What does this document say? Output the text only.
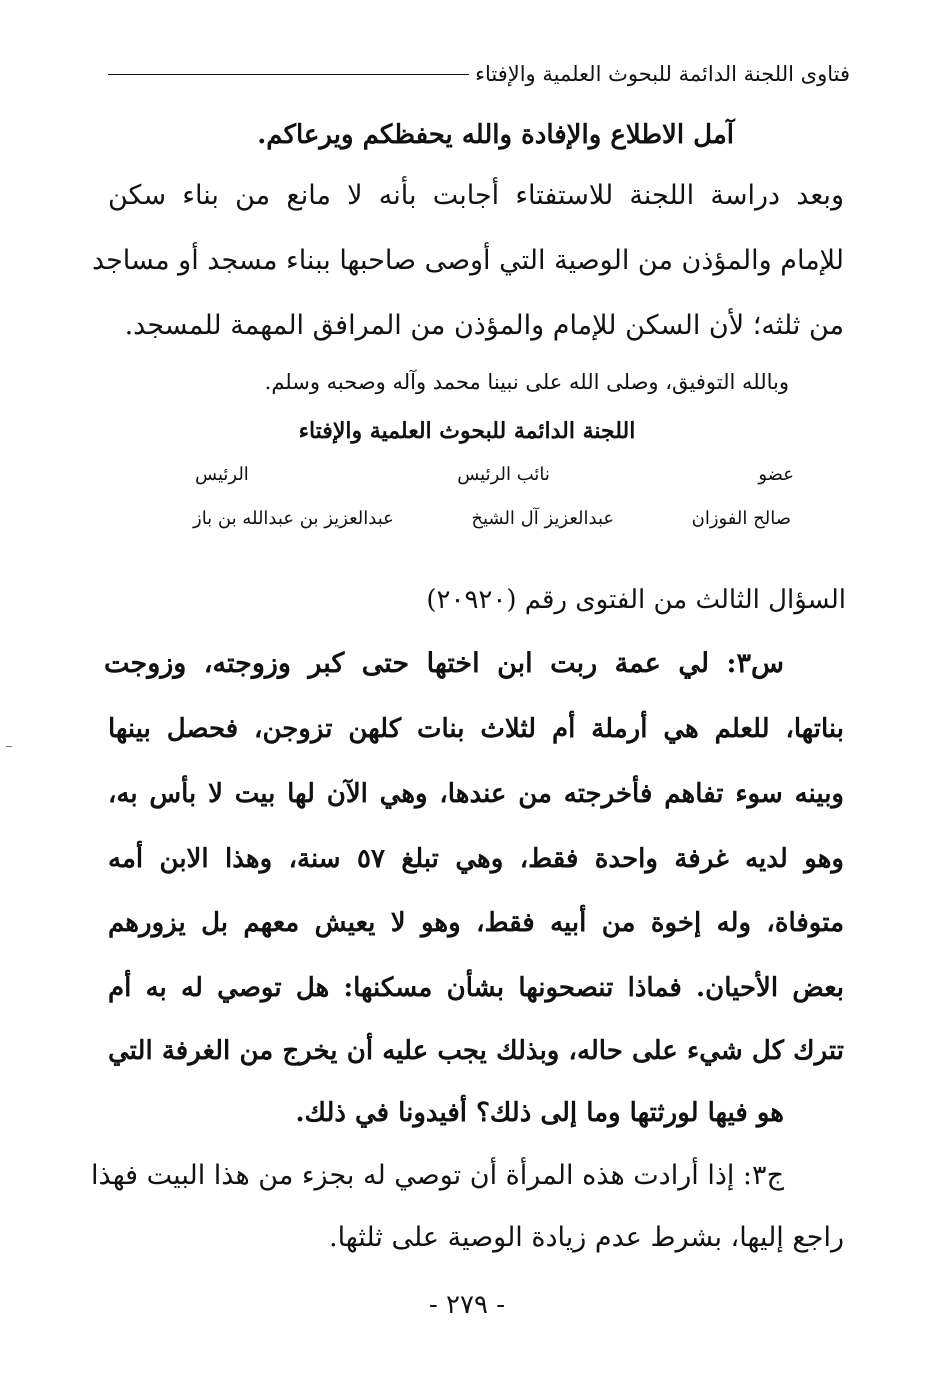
فتاوى اللجنة الدائمة للبحوث العلمية والإفتاء
آمل الاطلاع والإفادة والله يحفظكم ويرعاكم.
وبعد دراسة اللجنة للاستفتاء أجابت بأنه لا مانع من بناء سكن
للإمام والمؤذن من الوصية التي أوصى صاحبها ببناء مسجد أو مساجد
من ثلثه؛ لأن السكن للإمام والمؤذن من المرافق المهمة للمسجد.
وبالله التوفيق، وصلى الله على نبينا محمد وآله وصحبه وسلم.
اللجنة الدائمة للبحوث العلمية والإفتاء
عضو
نائب الرئيس
الرئيس
صالح الفوزان
عبدالعزيز آل الشيخ
عبدالعزيز بن عبدالله بن باز
السؤال الثالث من الفتوى رقم (٢٠٩٢٠)
س٣: لي عمة ربت ابن اختها حتى كبر وزوجته، وزوجت
بناتها، للعلم هي أرملة أم لثلاث بنات كلهن تزوجن، فحصل بينها
وبينه سوء تفاهم فأخرجته من عندها، وهي الآن لها بيت لا بأس به،
وهو لديه غرفة واحدة فقط، وهي تبلغ ٥٧ سنة، وهذا الابن أمه
متوفاة، وله إخوة من أبيه فقط، وهو لا يعيش معهم بل يزورهم
بعض الأحيان. فماذا تنصحونها بشأن مسكنها: هل توصي له به أم
تترك كل شيء على حاله، وبذلك يجب عليه أن يخرج من الغرفة التي
هو فيها لورثتها وما إلى ذلك؟ أفيدونا في ذلك.
ج٣: إذا أرادت هذه المرأة أن توصي له بجزء من هذا البيت فهذا
راجع إليها، بشرط عدم زيادة الوصية على ثلثها.
- ٢٧٩ -
